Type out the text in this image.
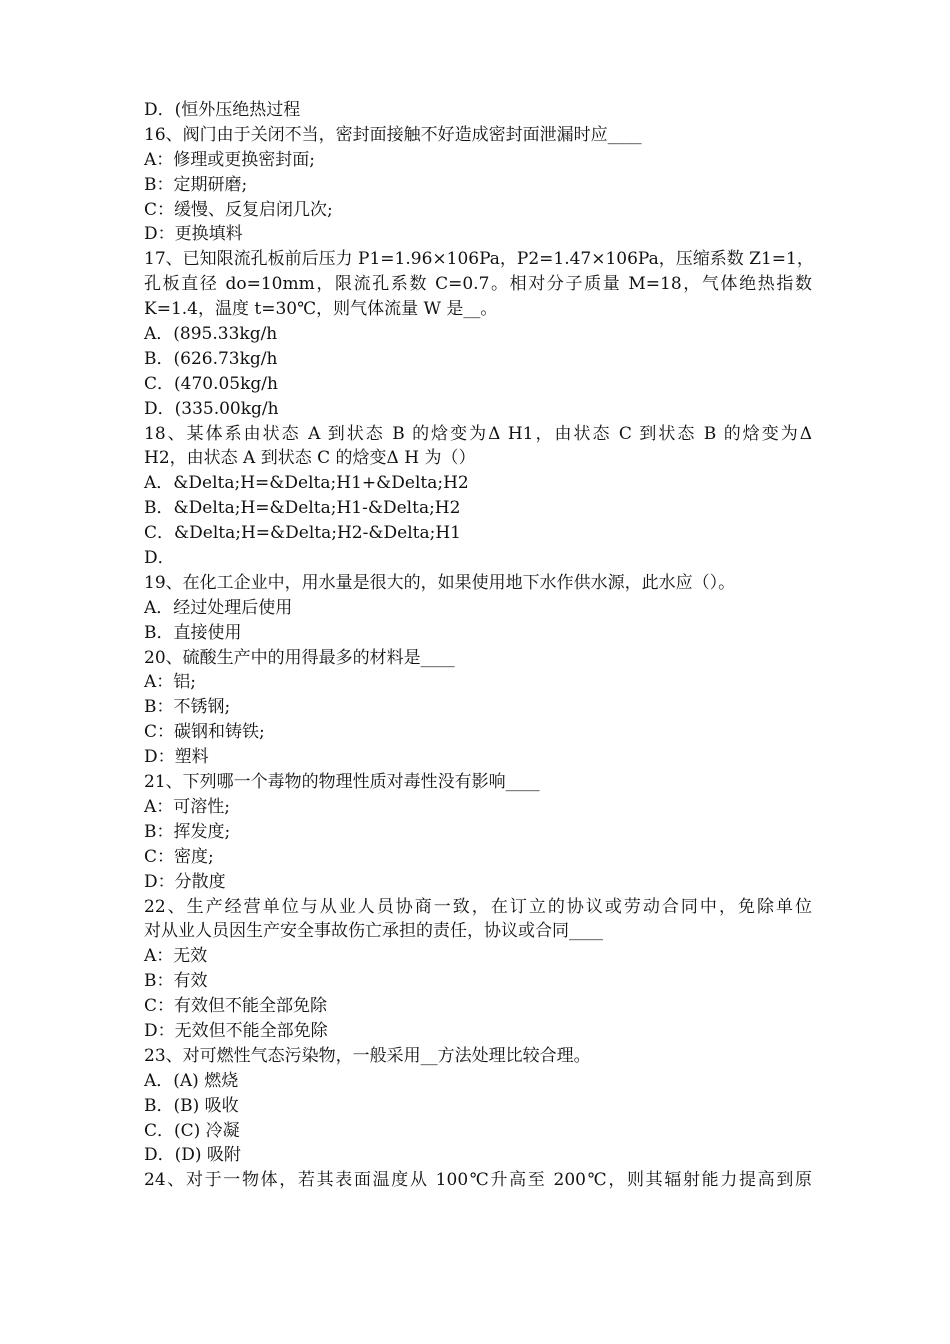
D．(恒外压绝热过程
16、阀门由于关闭不当，密封面接触不好造成密封面泄漏时应____
A：修理或更换密封面;
B：定期研磨;
C：缓慢、反复启闭几次;
D：更换填料
17、已知限流孔板前后压力 P1=1.96×106Pa，P2=1.47×106Pa，压缩系数 Z1=1，
孔板直径 do=10mm，限流孔系数 C=0.7。相对分子质量 M=18，气体绝热指数
K=1.4，温度 t=30℃，则气体流量 W 是__。
A．(895.33kg/h
B．(626.73kg/h
C．(470.05kg/h
D．(335.00kg/h
18、某体系由状态 A 到状态 B 的焓变为Δ H1，由状态 C 到状态 B 的焓变为Δ
H2，由状态 A 到状态 C 的焓变Δ H 为（）
A．&Delta;H=&Delta;H1+&Delta;H2
B．&Delta;H=&Delta;H1-&Delta;H2
C．&Delta;H=&Delta;H2-&Delta;H1
D．
19、在化工企业中，用水量是很大的，如果使用地下水作供水源，此水应（）。
A．经过处理后使用
B．直接使用
20、硫酸生产中的用得最多的材料是____
A：铝;
B：不锈钢;
C：碳钢和铸铁;
D：塑料
21、下列哪一个毒物的物理性质对毒性没有影响____
A：可溶性;
B：挥发度;
C：密度;
D：分散度
22、生产经营单位与从业人员协商一致，在订立的协议或劳动合同中，免除单位
对从业人员因生产安全事故伤亡承担的责任，协议或合同____
A：无效
B：有效
C：有效但不能全部免除
D：无效但不能全部免除
23、对可燃性气态污染物，一般采用__方法处理比较合理。
A．(A) 燃烧
B．(B) 吸收
C．(C) 冷凝
D．(D) 吸附
24、对于一物体，若其表面温度从 100℃升高至 200℃，则其辐射能力提高到原
